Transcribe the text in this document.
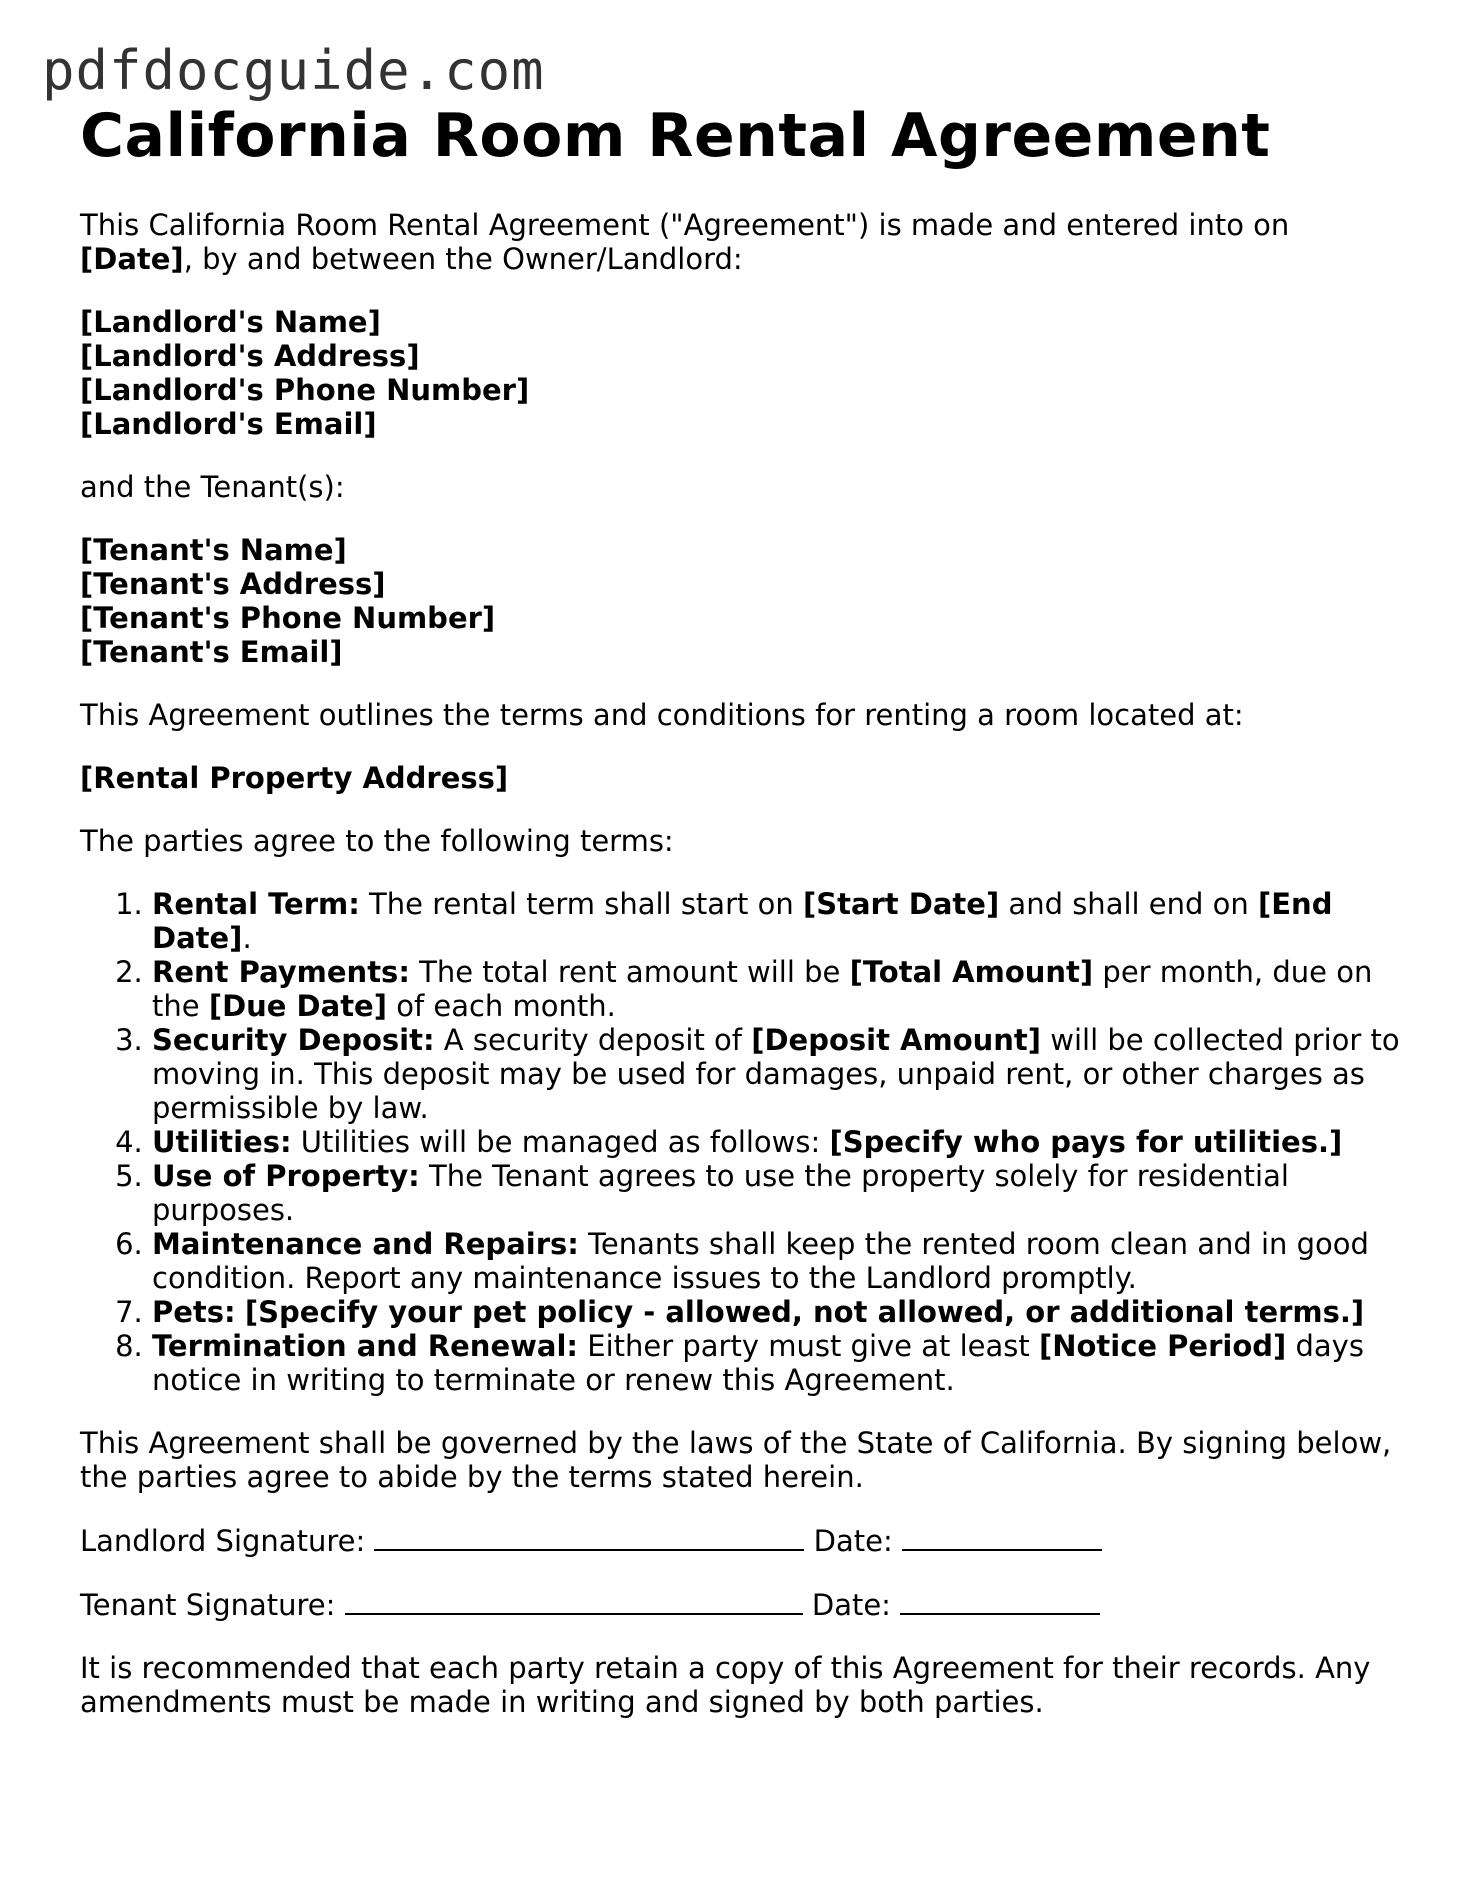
pdfdocguide.com
California Room Rental Agreement

This California Room Rental Agreement ("Agreement") is made and entered into on
[Date], by and between the Owner/Landlord:

[Landlord's Name]
[Landlord's Address]
[Landlord's Phone Number]
[Landlord's Email]

and the Tenant(s):

[Tenant's Name]
[Tenant's Address]
[Tenant's Phone Number]
[Tenant's Email]

This Agreement outlines the terms and conditions for renting a room located at:

[Rental Property Address]

The parties agree to the following terms:

1. Rental Term: The rental term shall start on [Start Date] and shall end on [End Date].
2. Rent Payments: The total rent amount will be [Total Amount] per month, due on the [Due Date] of each month.
3. Security Deposit: A security deposit of [Deposit Amount] will be collected prior to moving in. This deposit may be used for damages, unpaid rent, or other charges as permissible by law.
4. Utilities: Utilities will be managed as follows: [Specify who pays for utilities.]
5. Use of Property: The Tenant agrees to use the property solely for residential purposes.
6. Maintenance and Repairs: Tenants shall keep the rented room clean and in good condition. Report any maintenance issues to the Landlord promptly.
7. Pets: [Specify your pet policy - allowed, not allowed, or additional terms.]
8. Termination and Renewal: Either party must give at least [Notice Period] days notice in writing to terminate or renew this Agreement.

This Agreement shall be governed by the laws of the State of California. By signing below, the parties agree to abide by the terms stated herein.

Landlord Signature:	Date:

Tenant Signature:	Date:

It is recommended that each party retain a copy of this Agreement for their records. Any amendments must be made in writing and signed by both parties.
